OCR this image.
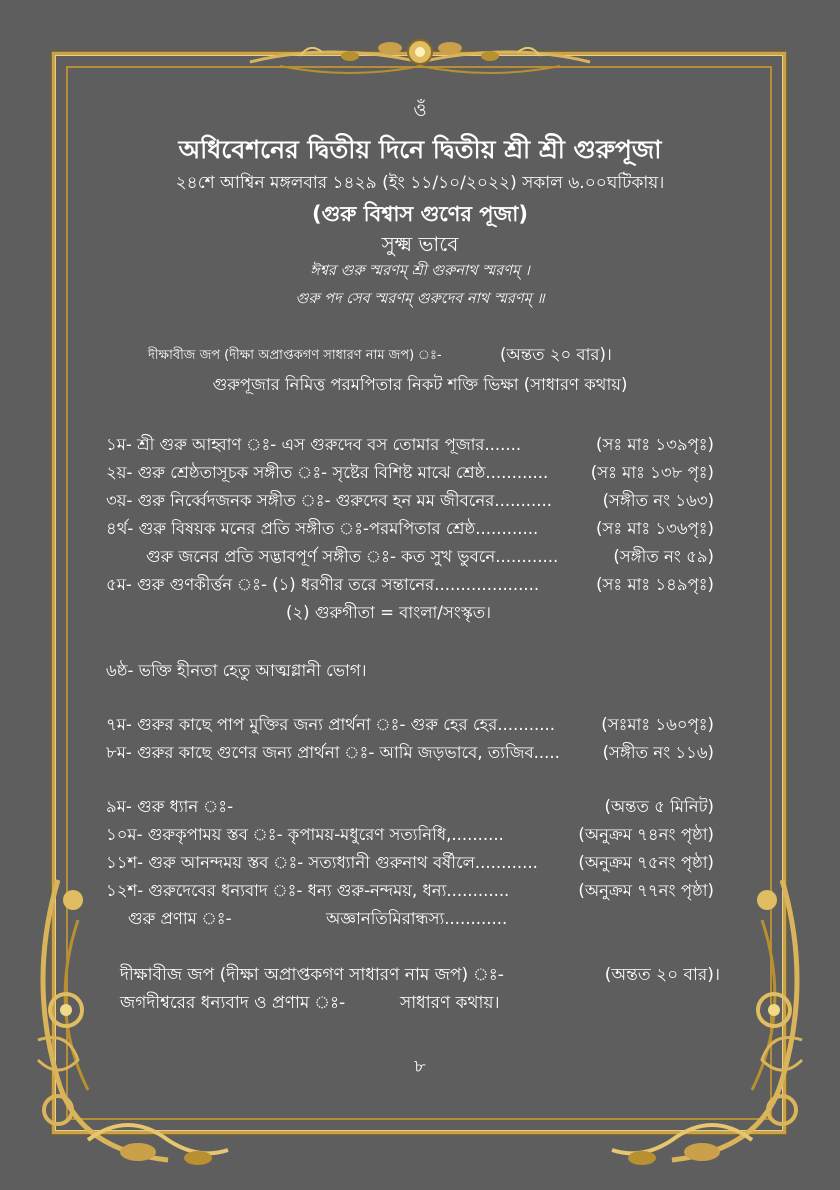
ওঁ
অধিবেশনের দ্বিতীয় দিনে দ্বিতীয় শ্রী শ্রী গুরুপূজা
২৪শে আশ্বিন মঙ্গলবার ১৪২৯ (ইং ১১/১০/২০২২) সকাল ৬.০০ঘটিকায়।
(গুরু বিশ্বাস গুণের পূজা)
সুক্ষ্ম ভাবে
ঈশ্বর গুরু স্মরণম্ শ্রী গুরুনাথ স্মরণম্ ।
গুরু পদ সেব স্মরণম্ গুরুদেব নাথ স্মরণম্ ॥
দীক্ষাবীজ জপ (দীক্ষা অপ্রাপ্তকগণ সাধারণ নাম জপ) ঃ-	(অন্তত ২০ বার)।
গুরুপূজার নিমিত্ত পরমপিতার নিকট শক্তি ভিক্ষা (সাধারণ কথায়)
১ম- শ্রী গুরু আহ্বাণ ঃ- এস গুরুদেব বস তোমার পূজার.......	(সঃ মাঃ ১৩৯পৃঃ)
২য়- গুরু শ্রেষ্ঠতাসূচক সঙ্গীত ঃ- সৃষ্টের বিশিষ্ট মাঝে শ্রেষ্ঠ............	(সঃ মাঃ ১৩৮ পৃঃ)
৩য়- গুরু নির্ব্বেদজনক সঙ্গীত ঃ- গুরুদেব হন মম জীবনের...........	(সঙ্গীত নং ১৬৩)
৪র্থ- গুরু বিষয়ক মনের প্রতি সঙ্গীত ঃ-পরমপিতার শ্রেষ্ঠ............	(সঃ মাঃ ১৩৬পৃঃ)
গুরু জনের প্রতি সদ্ভাবপূর্ণ সঙ্গীত ঃ- কত সুখ ভুবনে............	(সঙ্গীত নং ৫৯)
৫ম- গুরু গুণকীর্ত্তন ঃ- (১) ধরণীর তরে সন্তানের....................	(সঃ মাঃ ১৪৯পৃঃ)
(২) গুরুগীতা = বাংলা/সংস্কৃত।
৬ষ্ঠ- ভক্তি হীনতা হেতু আত্মগ্লানী ভোগ।
৭ম- গুরুর কাছে পাপ মুক্তির জন্য প্রার্থনা ঃ- গুরু হের হের...........	(সঃমাঃ ১৬০পৃঃ)
৮ম- গুরুর কাছে গুণের জন্য প্রার্থনা ঃ- আমি জড়ভাবে, ত্যজিব.....	(সঙ্গীত নং ১১৬)
৯ম- গুরু ধ্যান ঃ-	(অন্তত ৫ মিনিট)
১০ম- গুরুকৃপাময় স্তব ঃ- কৃপাময়-মধুরেণ সত্যনিধি,..........	(অনুক্রম ৭৪নং পৃষ্ঠা)
১১শ- গুরু আনন্দময় স্তব ঃ- সত্যধ্যানী গুরুনাথ বর্ষীলে............ (অনুক্রম ৭৫নং পৃষ্ঠা)
১২শ- গুরুদেবের ধন্যবাদ ঃ- ধন্য গুরু-নন্দময়, ধন্য............	(অনুক্রম ৭৭নং পৃষ্ঠা)
গুরু প্রণাম ঃ-	অজ্ঞানতিমিরান্ধস্য............
দীক্ষাবীজ জপ (দীক্ষা অপ্রাপ্তকগণ সাধারণ নাম জপ) ঃ-	(অন্তত ২০ বার)।
জগদীশ্বরের ধন্যবাদ ও প্রণাম ঃ-	সাধারণ কথায়।
৮
